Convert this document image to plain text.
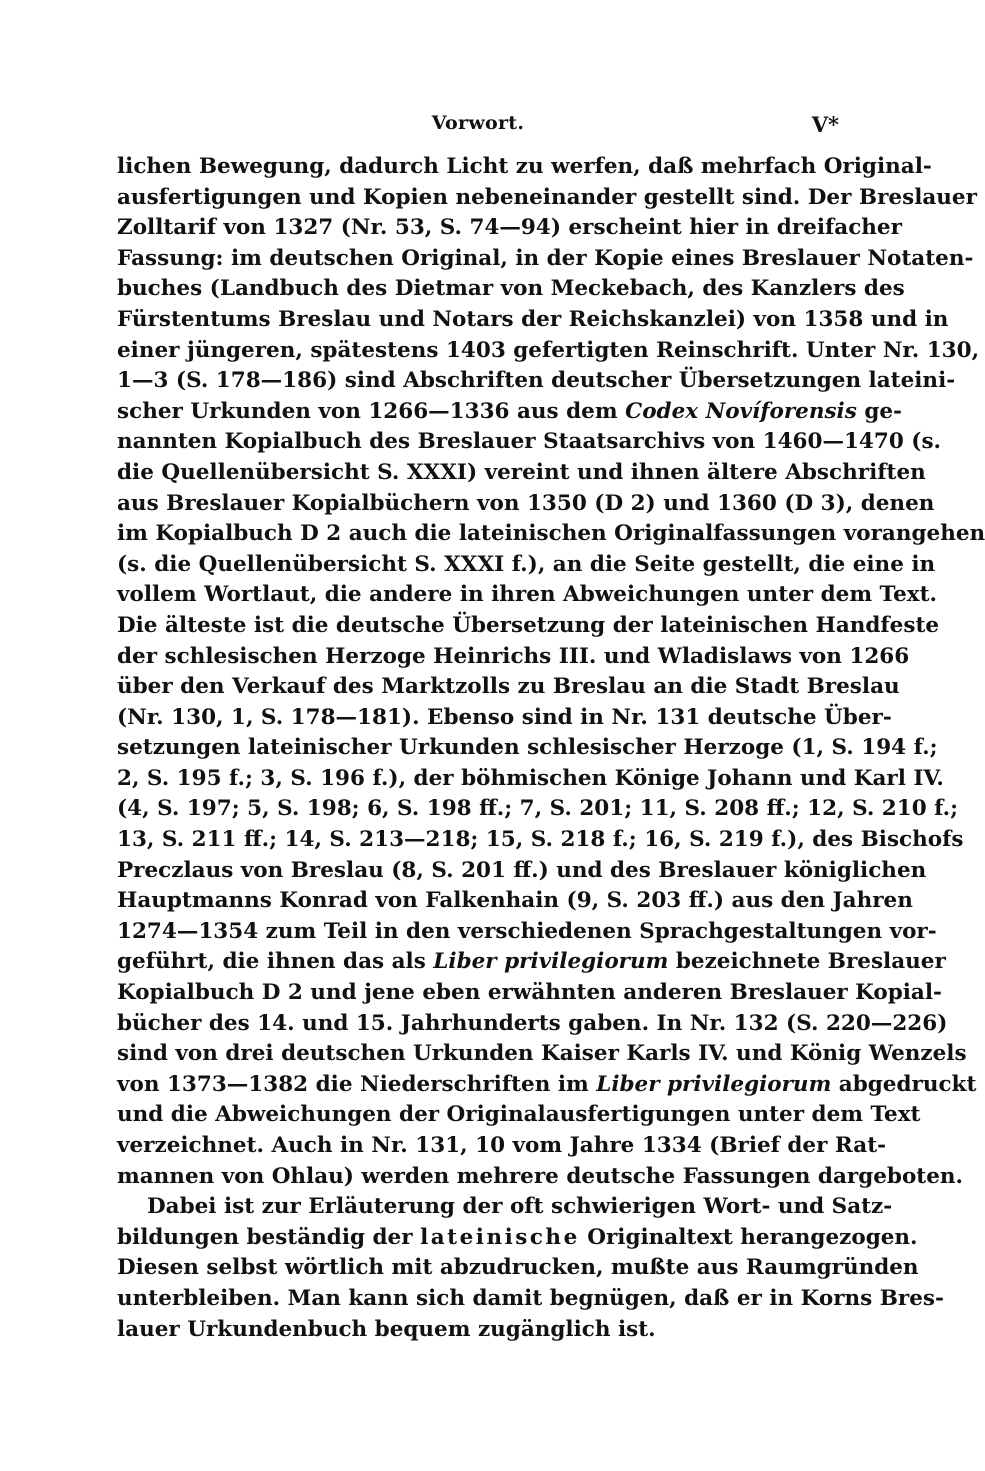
Vorwort.	V*
lichen Bewegung, dadurch Licht zu werfen, daß mehrfach Original-
ausfertigungen und Kopien nebeneinander gestellt sind. Der Breslauer
Zolltarif von 1327 (Nr. 53, S. 74—94) erscheint hier in dreifacher
Fassung: im deutschen Original, in der Kopie eines Breslauer Notaten-
buches (Landbuch des Dietmar von Meckebach, des Kanzlers des
Fürstentums Breslau und Notars der Reichskanzlei) von 1358 und in
einer jüngeren, spätestens 1403 gefertigten Reinschrift. Unter Nr. 130,
1—3 (S. 178—186) sind Abschriften deutscher Übersetzungen lateini-
scher Urkunden von 1266—1336 aus dem Codex Novíforensis ge-
nannten Kopialbuch des Breslauer Staatsarchivs von 1460—1470 (s.
die Quellenübersicht S. XXXI) vereint und ihnen ältere Abschriften
aus Breslauer Kopialbüchern von 1350 (D 2) und 1360 (D 3), denen
im Kopialbuch D 2 auch die lateinischen Originalfassungen vorangehen
(s. die Quellenübersicht S. XXXI f.), an die Seite gestellt, die eine in
vollem Wortlaut, die andere in ihren Abweichungen unter dem Text.
Die älteste ist die deutsche Übersetzung der lateinischen Handfeste
der schlesischen Herzoge Heinrichs III. und Wladislaws von 1266
über den Verkauf des Marktzolls zu Breslau an die Stadt Breslau
(Nr. 130, 1, S. 178—181). Ebenso sind in Nr. 131 deutsche Über-
setzungen lateinischer Urkunden schlesischer Herzoge (1, S. 194 f.;
2, S. 195 f.; 3, S. 196 f.), der böhmischen Könige Johann und Karl IV.
(4, S. 197; 5, S. 198; 6, S. 198 ff.; 7, S. 201; 11, S. 208 ff.; 12, S. 210 f.;
13, S. 211 ff.; 14, S. 213—218; 15, S. 218 f.; 16, S. 219 f.), des Bischofs
Preczlaus von Breslau (8, S. 201 ff.) und des Breslauer königlichen
Hauptmanns Konrad von Falkenhain (9, S. 203 ff.) aus den Jahren
1274—1354 zum Teil in den verschiedenen Sprachgestaltungen vor-
geführt, die ihnen das als Liber privilegiorum bezeichnete Breslauer
Kopialbuch D 2 und jene eben erwähnten anderen Breslauer Kopial-
bücher des 14. und 15. Jahrhunderts gaben. In Nr. 132 (S. 220—226)
sind von drei deutschen Urkunden Kaiser Karls IV. und König Wenzels
von 1373—1382 die Niederschriften im Liber privilegiorum abgedruckt
und die Abweichungen der Originalausfertigungen unter dem Text
verzeichnet. Auch in Nr. 131, 10 vom Jahre 1334 (Brief der Rat-
mannen von Ohlau) werden mehrere deutsche Fassungen dargeboten.
Dabei ist zur Erläuterung der oft schwierigen Wort- und Satz-
bildungen beständig der lateinische Originaltext herangezogen.
Diesen selbst wörtlich mit abzudrucken, mußte aus Raumgründen
unterbleiben. Man kann sich damit begnügen, daß er in Korns Bres-
lauer Urkundenbuch bequem zugänglich ist.
